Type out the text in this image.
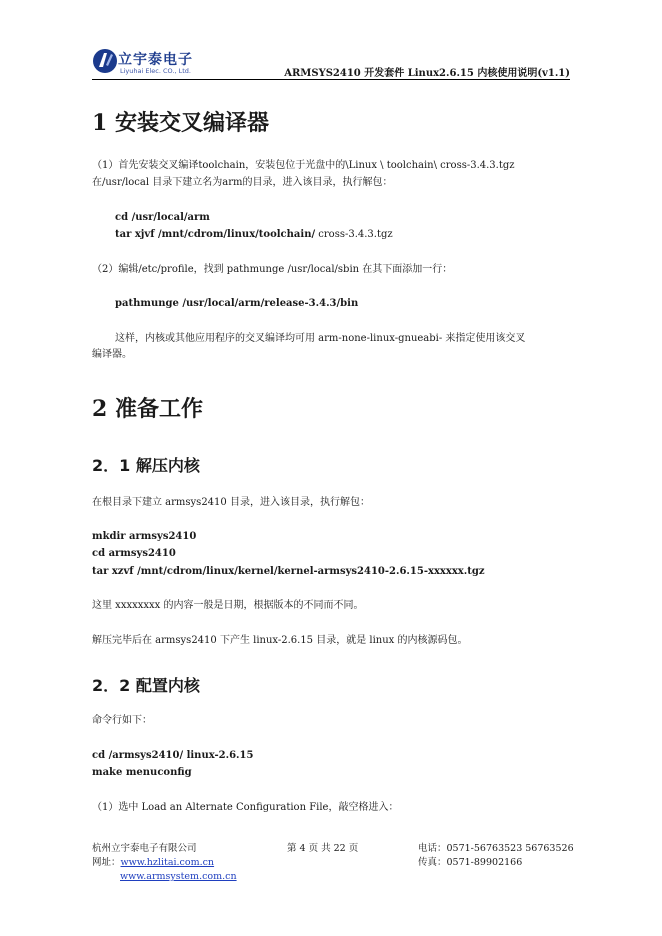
立宇泰电子
Liyuhai Elec. CO., Ltd.	ARMSYS2410 开发套件 Linux2.6.15 内核使用说明(v1.1)
1 安装交叉编译器
（1）首先安装交叉编译toolchain，安装包位于光盘中的\Linux \ toolchain\ cross-3.4.3.tgz
在/usr/local 目录下建立名为arm的目录，进入该目录，执行解包：
cd /usr/local/arm
tar xjvf /mnt/cdrom/linux/toolchain/ cross-3.4.3.tgz
（2）编辑/etc/profile，找到 pathmunge /usr/local/sbin 在其下面添加一行：
pathmunge /usr/local/arm/release-3.4.3/bin
这样，内核或其他应用程序的交叉编译均可用 arm-none-linux-gnueabi- 来指定使用该交叉
编译器。
2 准备工作
2．1 解压内核
在根目录下建立 armsys2410 目录，进入该目录，执行解包：
mkdir armsys2410
cd armsys2410
tar xzvf /mnt/cdrom/linux/kernel/kernel-armsys2410-2.6.15-xxxxxx.tgz
这里 xxxxxxxx 的内容一般是日期，根据版本的不同而不同。
解压完毕后在 armsys2410 下产生 linux-2.6.15 目录，就是 linux 的内核源码包。
2．2 配置内核
命令行如下：
cd /armsys2410/ linux-2.6.15
make menuconfig
（1）选中 Load an Alternate Configuration File，敲空格进入：
杭州立宇泰电子有限公司
网址：www.hzlitai.com.cn
www.armsystem.com.cn
第 4 页 共 22 页	电话：0571-56763523 56763526
传真：0571-89902166
